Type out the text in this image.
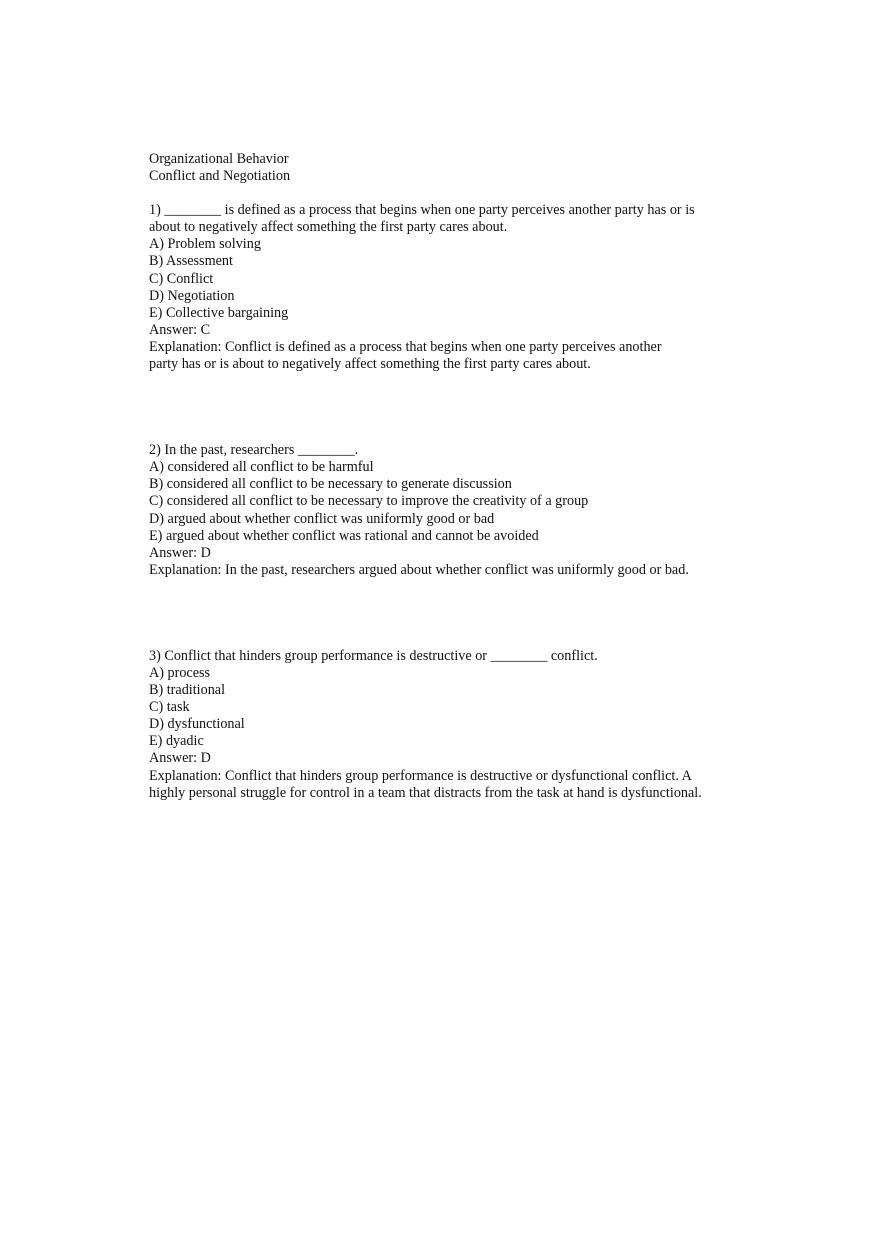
Organizational Behavior
Conflict and Negotiation
1) ________ is defined as a process that begins when one party perceives another party has or is
about to negatively affect something the first party cares about.
A) Problem solving
B) Assessment
C) Conflict
D) Negotiation
E) Collective bargaining
Answer: C
Explanation: Conflict is defined as a process that begins when one party perceives another
party has or is about to negatively affect something the first party cares about.
2) In the past, researchers ________.
A) considered all conflict to be harmful
B) considered all conflict to be necessary to generate discussion
C) considered all conflict to be necessary to improve the creativity of a group
D) argued about whether conflict was uniformly good or bad
E) argued about whether conflict was rational and cannot be avoided
Answer: D
Explanation: In the past, researchers argued about whether conflict was uniformly good or bad.
3) Conflict that hinders group performance is destructive or ________ conflict.
A) process
B) traditional
C) task
D) dysfunctional
E) dyadic
Answer: D
Explanation: Conflict that hinders group performance is destructive or dysfunctional conflict. A
highly personal struggle for control in a team that distracts from the task at hand is dysfunctional.
